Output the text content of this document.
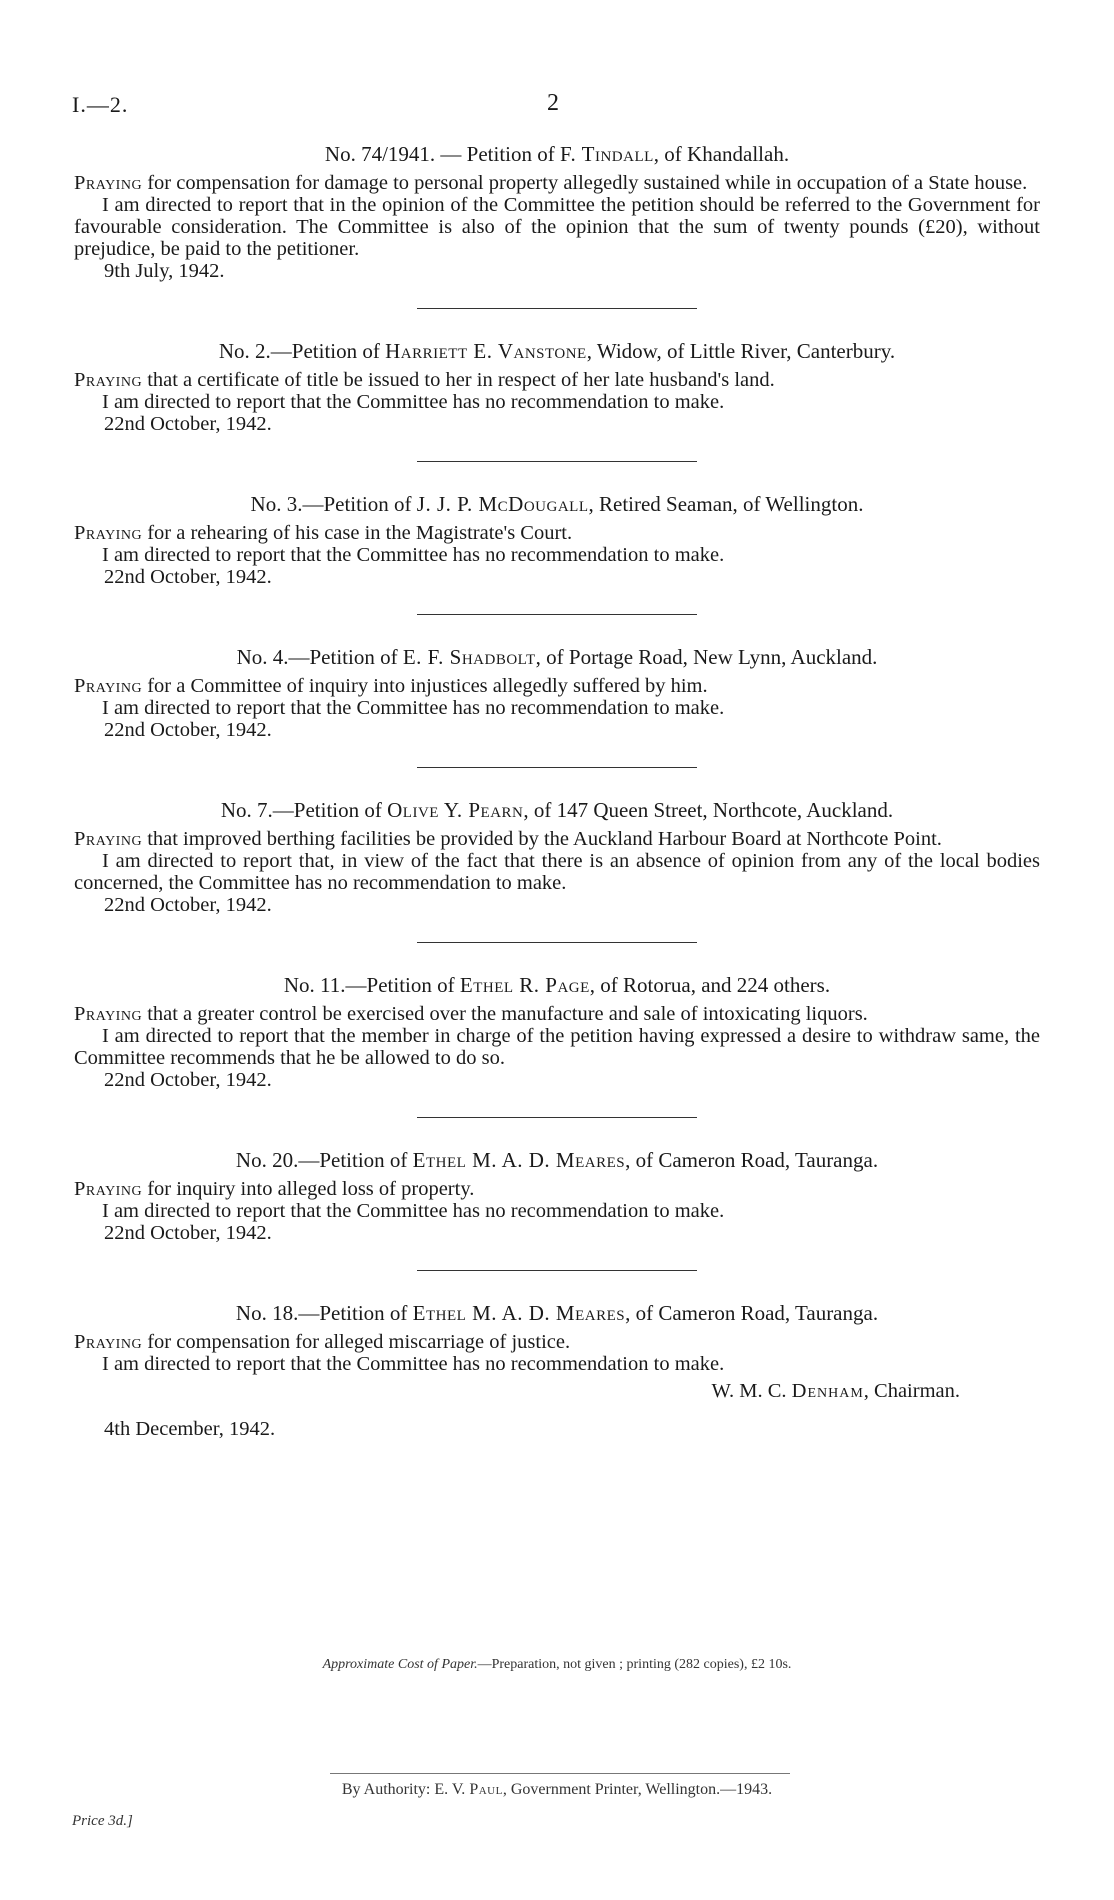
I.—2.	2
No. 74/1941. — Petition of F. Tindall, of Khandallah.

Praying for compensation for damage to personal property allegedly sustained while in occupation of a State house.

I am directed to report that in the opinion of the Committee the petition should be referred to the Government for favourable consideration. The Committee is also of the opinion that the sum of twenty pounds (£20), without prejudice, be paid to the petitioner.

9th July, 1942.

No. 2.—Petition of Harriett E. Vanstone, Widow, of Little River, Canterbury.

Praying that a certificate of title be issued to her in respect of her late husband's land.

I am directed to report that the Committee has no recommendation to make.

22nd October, 1942.

No. 3.—Petition of J. J. P. McDougall, Retired Seaman, of Wellington.

Praying for a rehearing of his case in the Magistrate's Court.

I am directed to report that the Committee has no recommendation to make.

22nd October, 1942.

No. 4.—Petition of E. F. Shadbolt, of Portage Road, New Lynn, Auckland.

Praying for a Committee of inquiry into injustices allegedly suffered by him.

I am directed to report that the Committee has no recommendation to make.

22nd October, 1942.

No. 7.—Petition of Olive Y. Pearn, of 147 Queen Street, Northcote, Auckland.

Praying that improved berthing facilities be provided by the Auckland Harbour Board at Northcote Point.

I am directed to report that, in view of the fact that there is an absence of opinion from any of the local bodies concerned, the Committee has no recommendation to make.

22nd October, 1942.

No. 11.—Petition of Ethel R. Page, of Rotorua, and 224 others.

Praying that a greater control be exercised over the manufacture and sale of intoxicating liquors.

I am directed to report that the member in charge of the petition having expressed a desire to withdraw same, the Committee recommends that he be allowed to do so.

22nd October, 1942.

No. 20.—Petition of Ethel M. A. D. Meares, of Cameron Road, Tauranga.

Praying for inquiry into alleged loss of property.

I am directed to report that the Committee has no recommendation to make.

22nd October, 1942.

No. 18.—Petition of Ethel M. A. D. Meares, of Cameron Road, Tauranga.

Praying for compensation for alleged miscarriage of justice.

I am directed to report that the Committee has no recommendation to make.

W. M. C. Denham, Chairman.
4th December, 1942.
Approximate Cost of Paper.—Preparation, not given ; printing (282 copies), £2 10s.
By Authority: E. V. Paul, Government Printer, Wellington.—1943.
Price 3d.]
